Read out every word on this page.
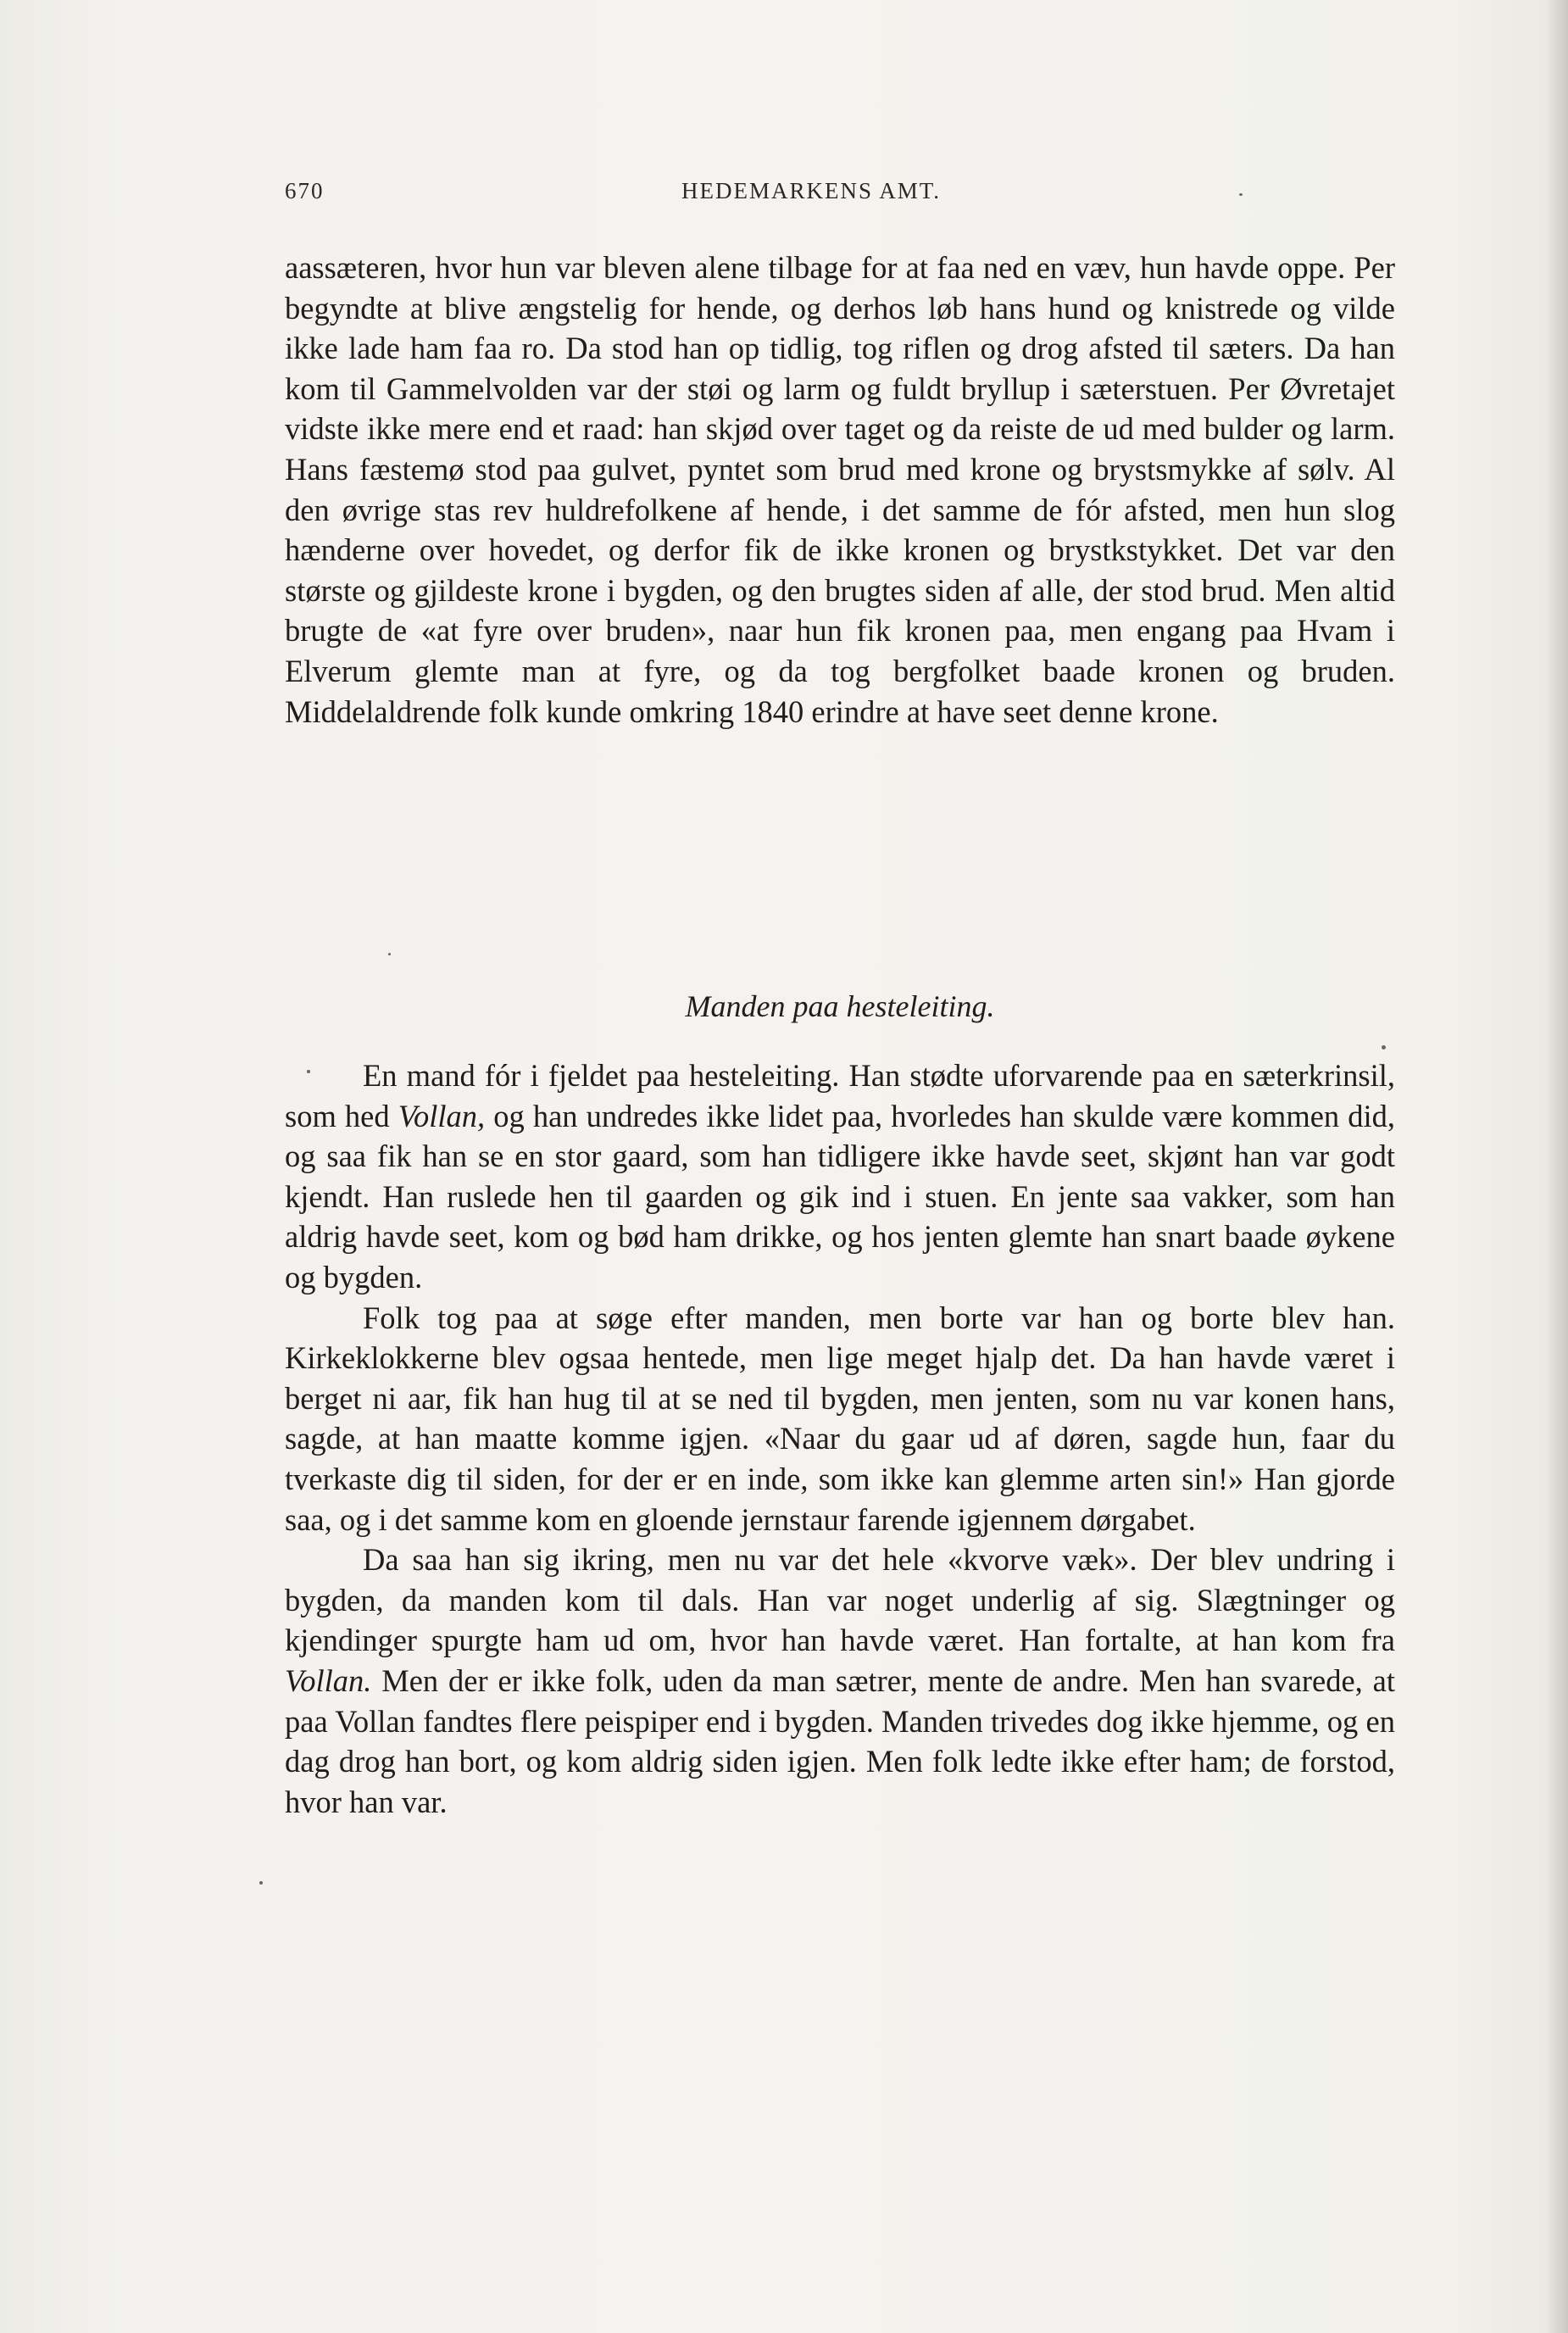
670	HEDEMARKENS AMT.

aassæteren, hvor hun var bleven alene tilbage for at faa ned en væv, hun havde oppe. Per begyndte at blive ængstelig for hende, og derhos løb hans hund og knistrede og vilde ikke lade ham faa ro. Da stod han op tidlig, tog riflen og drog afsted til sæters. Da han kom til Gammelvolden var der støi og larm og fuldt bryllup i sæterstuen. Per Øvretajet vidste ikke mere end et raad: han skjød over taget og da reiste de ud med bulder og larm. Hans fæstemø stod paa gulvet, pyntet som brud med krone og brystsmykke af sølv. Al den øvrige stas rev huldrefolkene af hende, i det samme de fór afsted, men hun slog hænderne over hovedet, og derfor fik de ikke kronen og brystkstykket. Det var den største og gjildeste krone i bygden, og den brugtes siden af alle, der stod brud. Men altid brugte de «at fyre over bruden», naar hun fik kronen paa, men engang paa Hvam i Elverum glemte man at fyre, og da tog bergfolket baade kronen og bruden. Middelaldrende folk kunde omkring 1840 erindre at have seet denne krone.

Manden paa hesteleiting.

En mand fór i fjeldet paa hesteleiting. Han stødte uforvarende paa en sæterkrinsil, som hed Vollan, og han undredes ikke lidet paa, hvorledes han skulde være kommen did, og saa fik han se en stor gaard, som han tidligere ikke havde seet, skjønt han var godt kjendt. Han ruslede hen til gaarden og gik ind i stuen. En jente saa vakker, som han aldrig havde seet, kom og bød ham drikke, og hos jenten glemte han snart baade øykene og bygden.

Folk tog paa at søge efter manden, men borte var han og borte blev han. Kirkeklokkerne blev ogsaa hentede, men lige meget hjalp det. Da han havde været i berget ni aar, fik han hug til at se ned til bygden, men jenten, som nu var konen hans, sagde, at han maatte komme igjen. «Naar du gaar ud af døren, sagde hun, faar du tverkaste dig til siden, for der er en inde, som ikke kan glemme arten sin!» Han gjorde saa, og i det samme kom en gloende jernstaur farende igjennem dørgabet.

Da saa han sig ikring, men nu var det hele «kvorve væk». Der blev undring i bygden, da manden kom til dals. Han var noget underlig af sig. Slægtninger og kjendinger spurgte ham ud om, hvor han havde været. Han fortalte, at han kom fra Vollan. Men der er ikke folk, uden da man sætrer, mente de andre. Men han svarede, at paa Vollan fandtes flere peispiper end i bygden. Manden trivedes dog ikke hjemme, og en dag drog han bort, og kom aldrig siden igjen. Men folk ledte ikke efter ham; de forstod, hvor han var.
